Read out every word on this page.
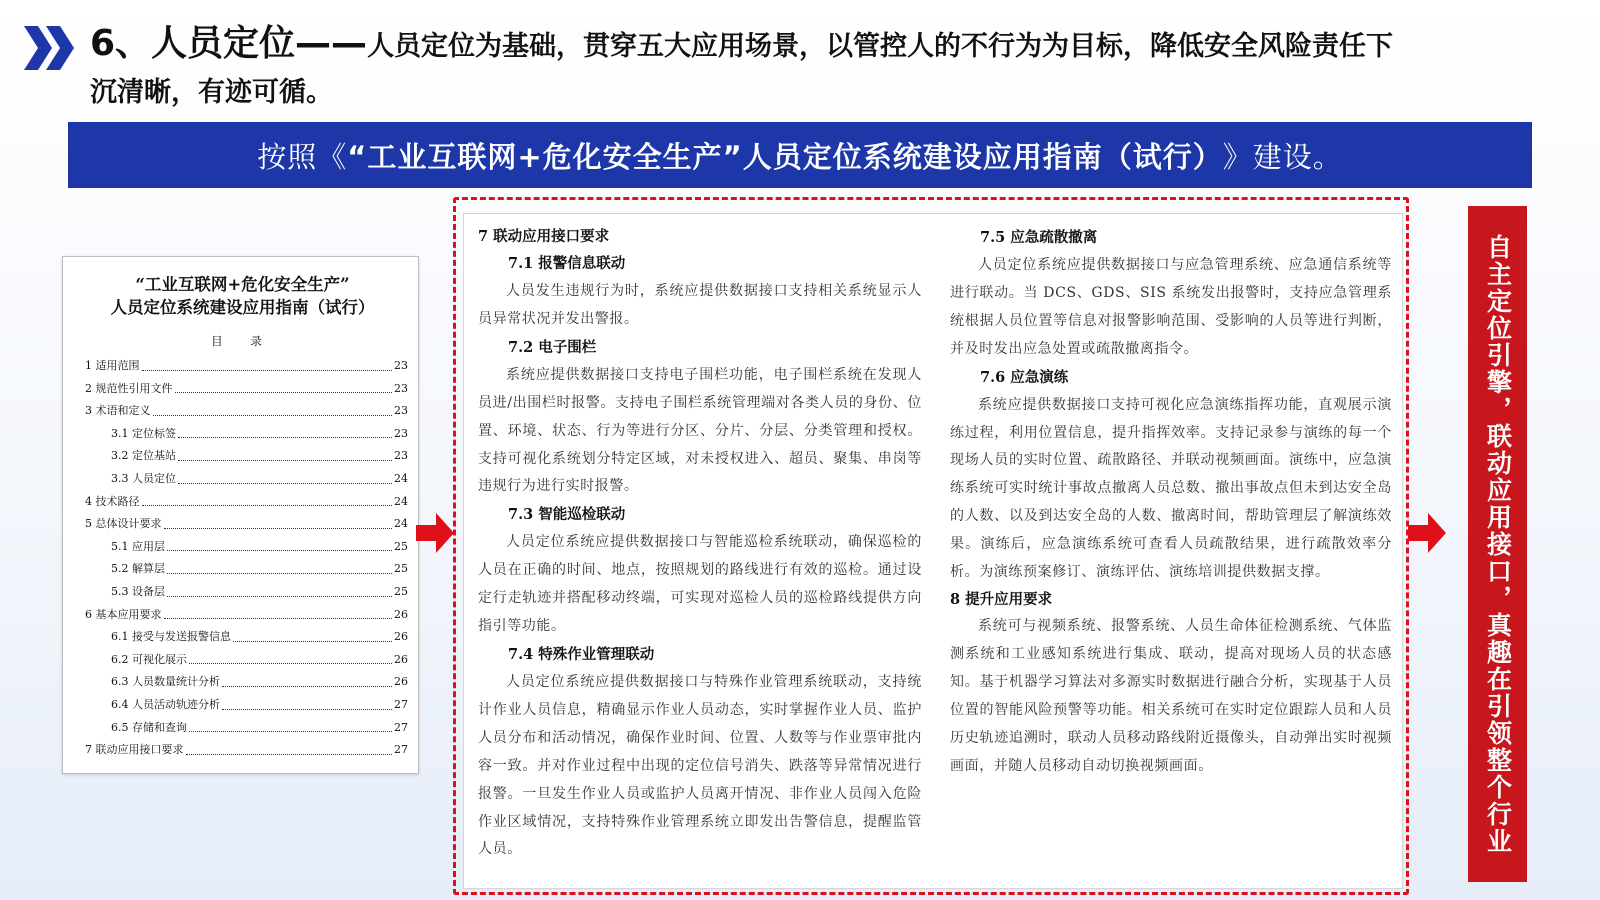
6、人员定位——人员定位为基础，贯穿五大应用场景，以管控人的不行为为目标，降低安全风险责任下沉清晰，有迹可循。
按照《 “工业互联网+危化安全生产”人员定位系统建设应用指南（试行） 》建设。
“工业互联网+危化安全生产”
人员定位系统建设应用指南（试行）
目 录
1 适用范围	23
2 规范性引用文件	23
3 术语和定义	23
3.1 定位标签	23
3.2 定位基站	23
3.3 人员定位	24
4 技术路径	24
5 总体设计要求	24
5.1 应用层	25
5.2 解算层	25
5.3 设备层	25
6 基本应用要求	26
6.1 接受与发送报警信息	26
6.2 可视化展示	26
6.3 人员数量统计分析	26
6.4 人员活动轨迹分析	27
6.5 存储和查询	27
7 联动应用接口要求	27
7 联动应用接口要求
7.1 报警信息联动
人员发生违规行为时，系统应提供数据接口支持相关系统显示人员异常状况并发出警报。
7.2 电子围栏
系统应提供数据接口支持电子围栏功能，电子围栏系统在发现人员进/出围栏时报警。支持电子围栏系统管理端对各类人员的身份、位置、环境、状态、行为等进行分区、分片、分层、分类管理和授权。支持可视化系统划分特定区域，对未授权进入、超员、聚集、串岗等违规行为进行实时报警。
7.3 智能巡检联动
人员定位系统应提供数据接口与智能巡检系统联动，确保巡检的人员在正确的时间、地点，按照规划的路线进行有效的巡检。通过设定行走轨迹并搭配移动终端，可实现对巡检人员的巡检路线提供方向指引等功能。
7.4 特殊作业管理联动
人员定位系统应提供数据接口与特殊作业管理系统联动，支持统计作业人员信息，精确显示作业人员动态，实时掌握作业人员、监护人员分布和活动情况，确保作业时间、位置、人数等与作业票审批内容一致。并对作业过程中出现的定位信号消失、跌落等异常情况进行报警。一旦发生作业人员或监护人员离开情况、非作业人员闯入危险作业区域情况，支持特殊作业管理系统立即发出告警信息，提醒监管人员。
7.5 应急疏散撤离
人员定位系统应提供数据接口与应急管理系统、应急通信系统等进行联动。当 DCS、GDS、SIS 系统发出报警时，支持应急管理系统根据人员位置等信息对报警影响范围、受影响的人员等进行判断，并及时发出应急处置或疏散撤离指令。
7.6 应急演练
系统应提供数据接口支持可视化应急演练指挥功能，直观展示演练过程，利用位置信息，提升指挥效率。支持记录参与演练的每一个现场人员的实时位置、疏散路径、并联动视频画面。演练中，应急演练系统可实时统计事故点撤离人员总数、撤出事故点但未到达安全岛的人数、以及到达安全岛的人数、撤离时间，帮助管理层了解演练效果。演练后，应急演练系统可查看人员疏散结果，进行疏散效率分析。为演练预案修订、演练评估、演练培训提供数据支撑。
8 提升应用要求
系统可与视频系统、报警系统、人员生命体征检测系统、气体监测系统和工业感知系统进行集成、联动，提高对现场人员的状态感知。基于机器学习算法对多源实时数据进行融合分析，实现基于人员位置的智能风险预警等功能。相关系统可在实时定位跟踪人员和人员历史轨迹追溯时，联动人员移动路线附近摄像头，自动弹出实时视频画面，并随人员移动自动切换视频画面。	自主定位引擎，联动应用接口，真趣在引领整个行业
